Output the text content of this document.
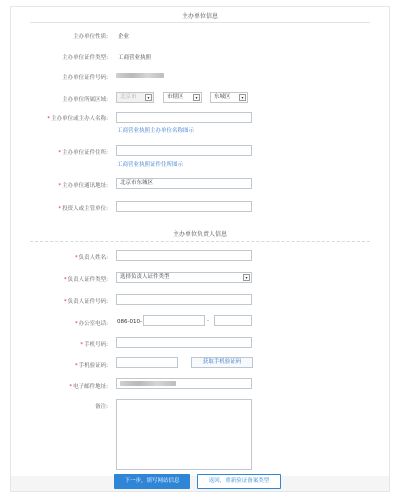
主办单位信息
主办单位性质: 企业
主办单位证件类型: 工商营业执照
主办单位证件号码:
主办单位所属区域:	北京市	▾	市辖区	▾	东城区	▾
*主办单位或主办人名称:
工商营业执照主办单位名称图示
*主办单位证件住所:
工商营业执照证件住所图示
*主办单位通讯地址:	北京市东城区
*投资人或主管单位:
主办单位负责人信息
*负责人姓名:
*负责人证件类型:	选择负责人证件类型	▾
*负责人证件号码:
*办公室电话: 086-010-	-
*手机号码:
*手机验证码:
获取手机验证码
*电子邮件地址:
备注:
下一步，填写网站信息	返回，重新验证备案类型
